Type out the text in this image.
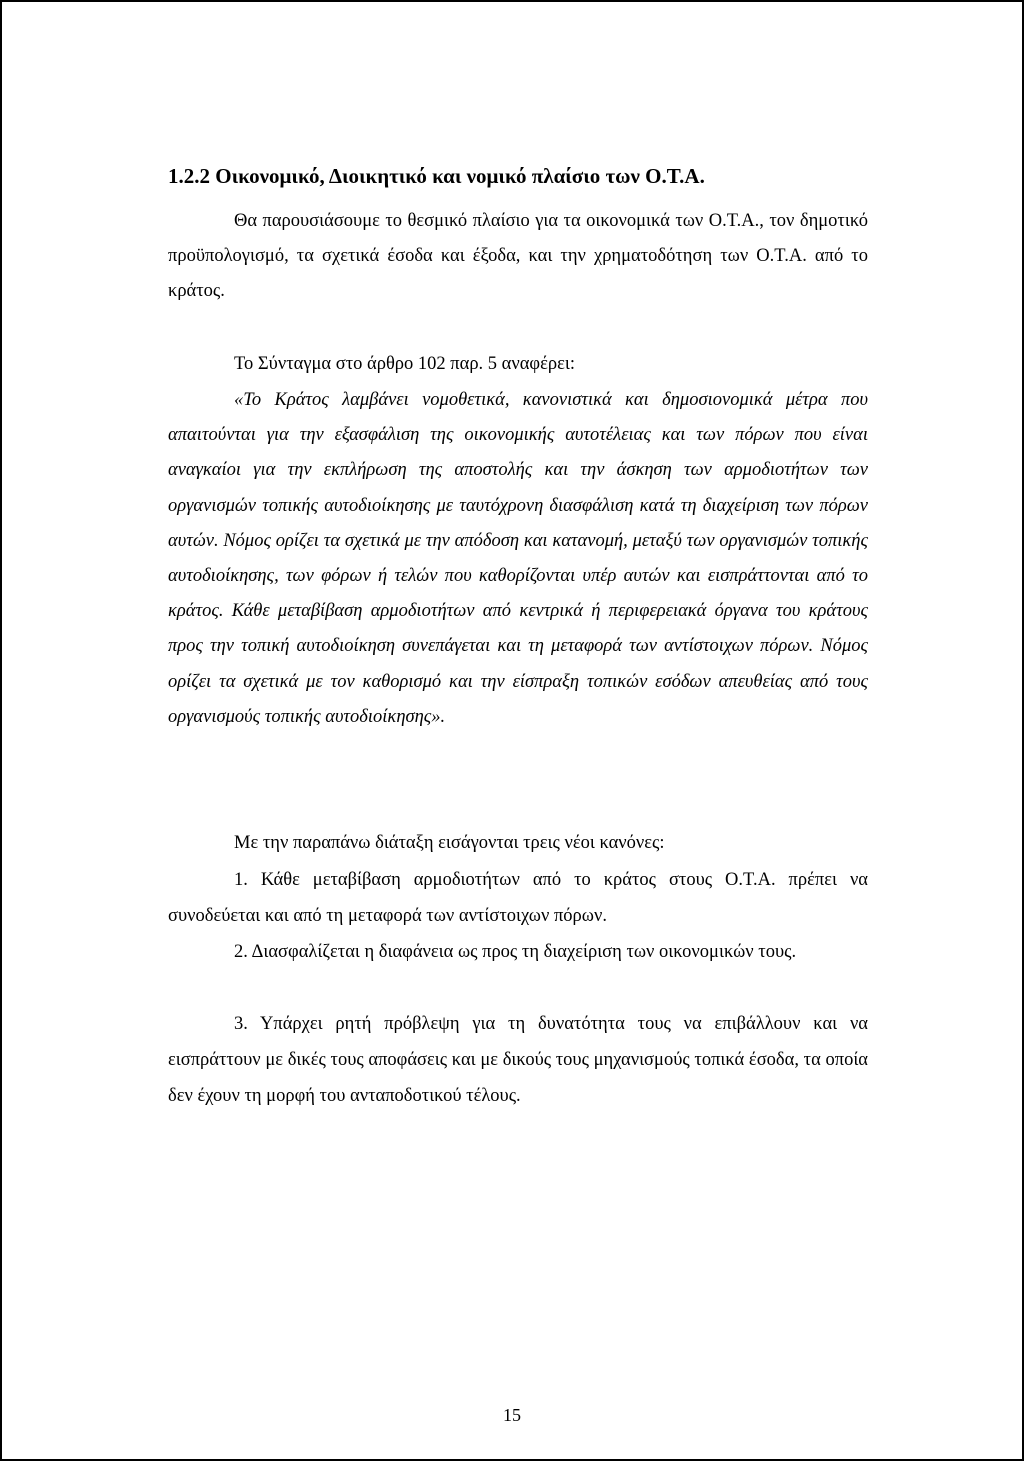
1.2.2 Οικονομικό, Διοικητικό και νομικό πλαίσιο των Ο.Τ.Α.
Θα παρουσιάσουμε το θεσμικό πλαίσιο για τα οικονομικά των Ο.Τ.Α., τον δημοτικό προϋπολογισμό, τα σχετικά έσοδα και έξοδα, και την χρηματοδότηση των Ο.Τ.Α. από το κράτος.
Το Σύνταγμα στο άρθρο 102 παρ. 5 αναφέρει:
«Το Κράτος λαμβάνει νομοθετικά, κανονιστικά και δημοσιονομικά μέτρα που απαιτούνται για την εξασφάλιση της οικονομικής αυτοτέλειας και των πόρων που είναι αναγκαίοι για την εκπλήρωση της αποστολής και την άσκηση των αρμοδιοτήτων των οργανισμών τοπικής αυτοδιοίκησης με ταυτόχρονη διασφάλιση κατά τη διαχείριση των πόρων αυτών. Νόμος ορίζει τα σχετικά με την απόδοση και κατανομή, μεταξύ των οργανισμών τοπικής αυτοδιοίκησης, των φόρων ή τελών που καθορίζονται υπέρ αυτών και εισπράττονται από το κράτος. Κάθε μεταβίβαση αρμοδιοτήτων από κεντρικά ή περιφερειακά όργανα του κράτους προς την τοπική αυτοδιοίκηση συνεπάγεται και τη μεταφορά των αντίστοιχων πόρων. Νόμος ορίζει τα σχετικά με τον καθορισμό και την είσπραξη τοπικών εσόδων απευθείας από τους οργανισμούς τοπικής αυτοδιοίκησης».
Με την παραπάνω διάταξη εισάγονται τρεις νέοι κανόνες:
1. Κάθε μεταβίβαση αρμοδιοτήτων από το κράτος στους Ο.Τ.Α. πρέπει να συνοδεύεται και από τη μεταφορά των αντίστοιχων πόρων.
2. Διασφαλίζεται η διαφάνεια ως προς τη διαχείριση των οικονομικών τους.
3. Υπάρχει ρητή πρόβλεψη για τη δυνατότητα τους να επιβάλλουν και να εισπράττουν με δικές τους αποφάσεις και με δικούς τους μηχανισμούς τοπικά έσοδα, τα οποία δεν έχουν τη μορφή του ανταποδοτικού τέλους.
15
